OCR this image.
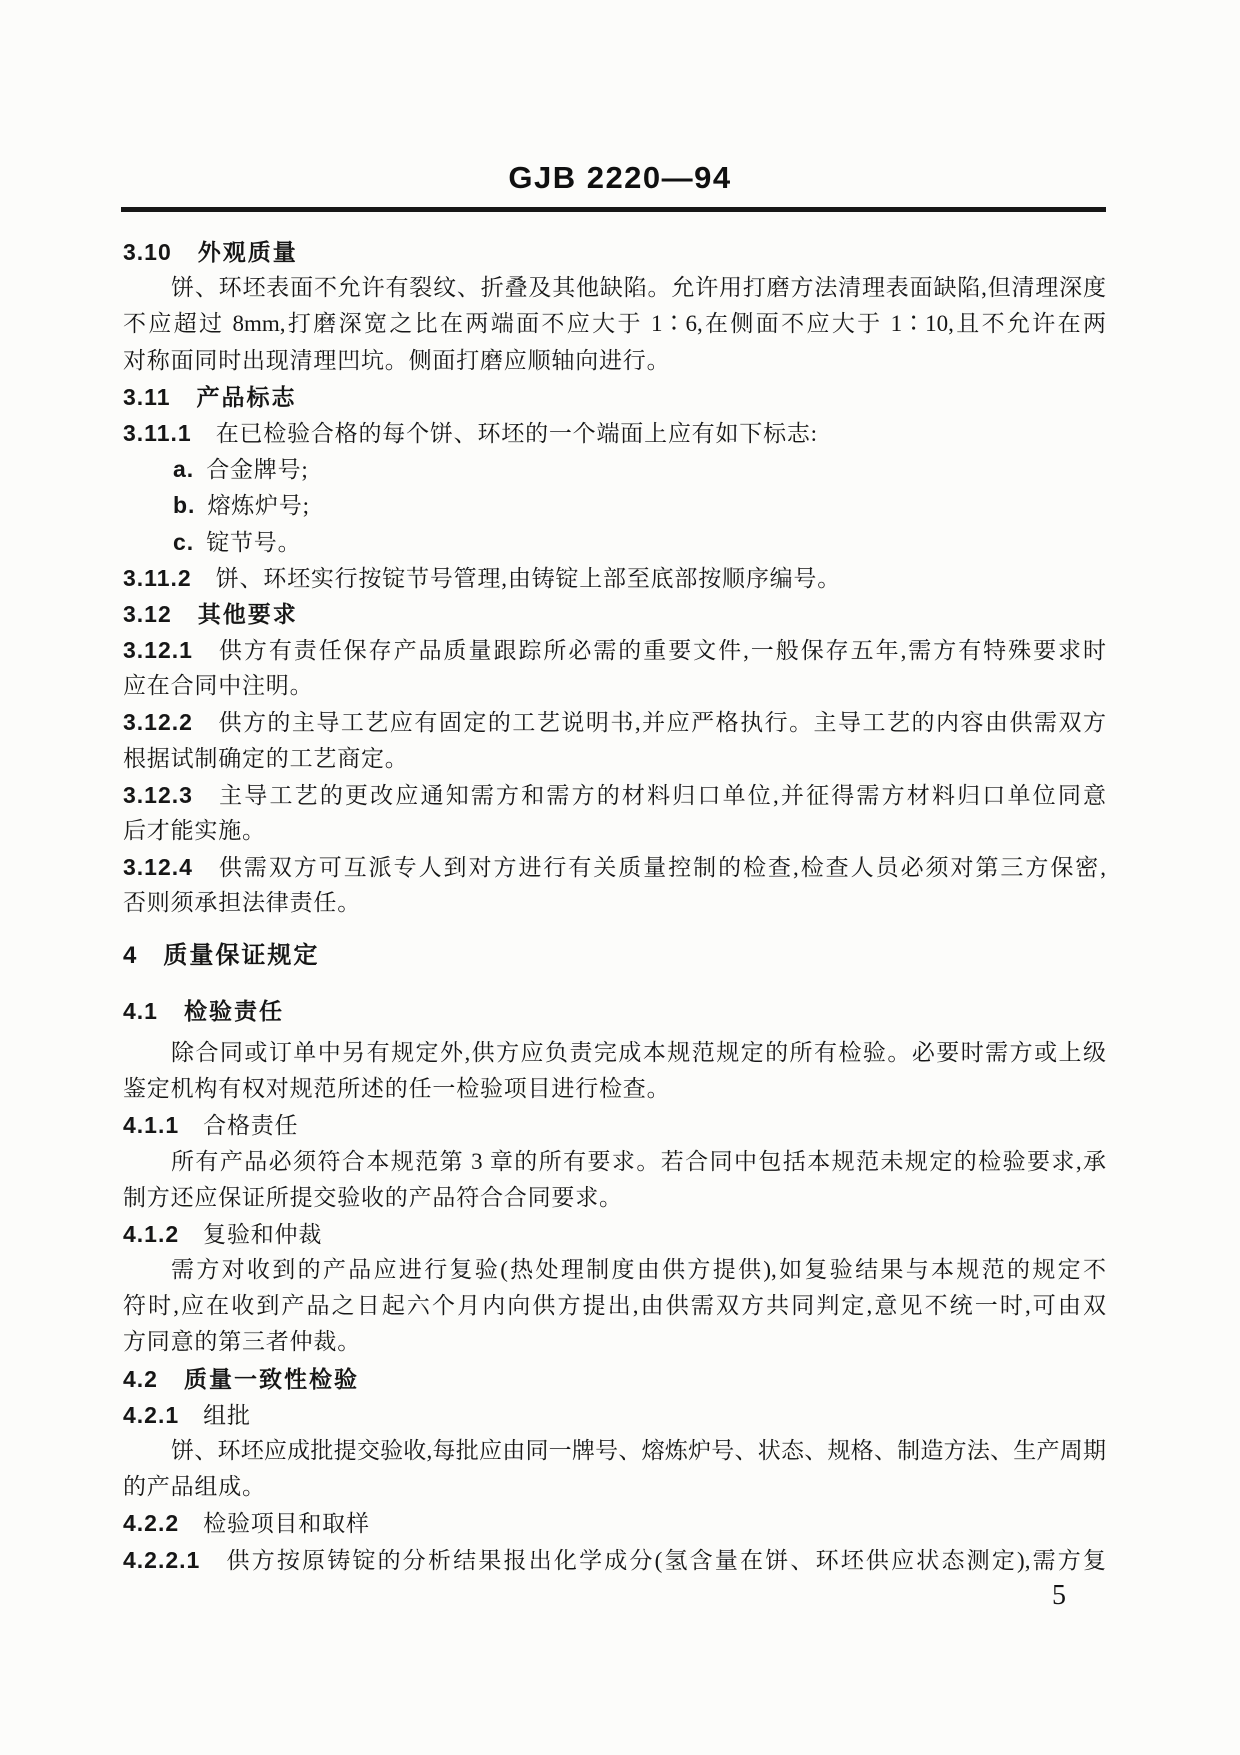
GJB 2220—94
3.10 外观质量
饼、环坯表面不允许有裂纹、折叠及其他缺陷。允许用打磨方法清理表面缺陷,但清理深度
不应超过 8mm,打磨深宽之比在两端面不应大于 1∶6,在侧面不应大于 1∶10,且不允许在两
对称面同时出现清理凹坑。侧面打磨应顺轴向进行。
3.11 产品标志
3.11.1 在已检验合格的每个饼、环坯的一个端面上应有如下标志:
a. 合金牌号;
b. 熔炼炉号;
c. 锭节号。
3.11.2 饼、环坯实行按锭节号管理,由铸锭上部至底部按顺序编号。
3.12 其他要求
3.12.1 供方有责任保存产品质量跟踪所必需的重要文件,一般保存五年,需方有特殊要求时
应在合同中注明。
3.12.2 供方的主导工艺应有固定的工艺说明书,并应严格执行。主导工艺的内容由供需双方
根据试制确定的工艺商定。
3.12.3 主导工艺的更改应通知需方和需方的材料归口单位,并征得需方材料归口单位同意
后才能实施。
3.12.4 供需双方可互派专人到对方进行有关质量控制的检查,检查人员必须对第三方保密,
否则须承担法律责任。
4 质量保证规定
4.1 检验责任
除合同或订单中另有规定外,供方应负责完成本规范规定的所有检验。必要时需方或上级
鉴定机构有权对规范所述的任一检验项目进行检查。
4.1.1 合格责任
所有产品必须符合本规范第 3 章的所有要求。若合同中包括本规范未规定的检验要求,承
制方还应保证所提交验收的产品符合合同要求。
4.1.2 复验和仲裁
需方对收到的产品应进行复验(热处理制度由供方提供),如复验结果与本规范的规定不
符时,应在收到产品之日起六个月内向供方提出,由供需双方共同判定,意见不统一时,可由双
方同意的第三者仲裁。
4.2 质量一致性检验
4.2.1 组批
饼、环坯应成批提交验收,每批应由同一牌号、熔炼炉号、状态、规格、制造方法、生产周期
的产品组成。
4.2.2 检验项目和取样
4.2.2.1 供方按原铸锭的分析结果报出化学成分(氢含量在饼、环坯供应状态测定),需方复
5
